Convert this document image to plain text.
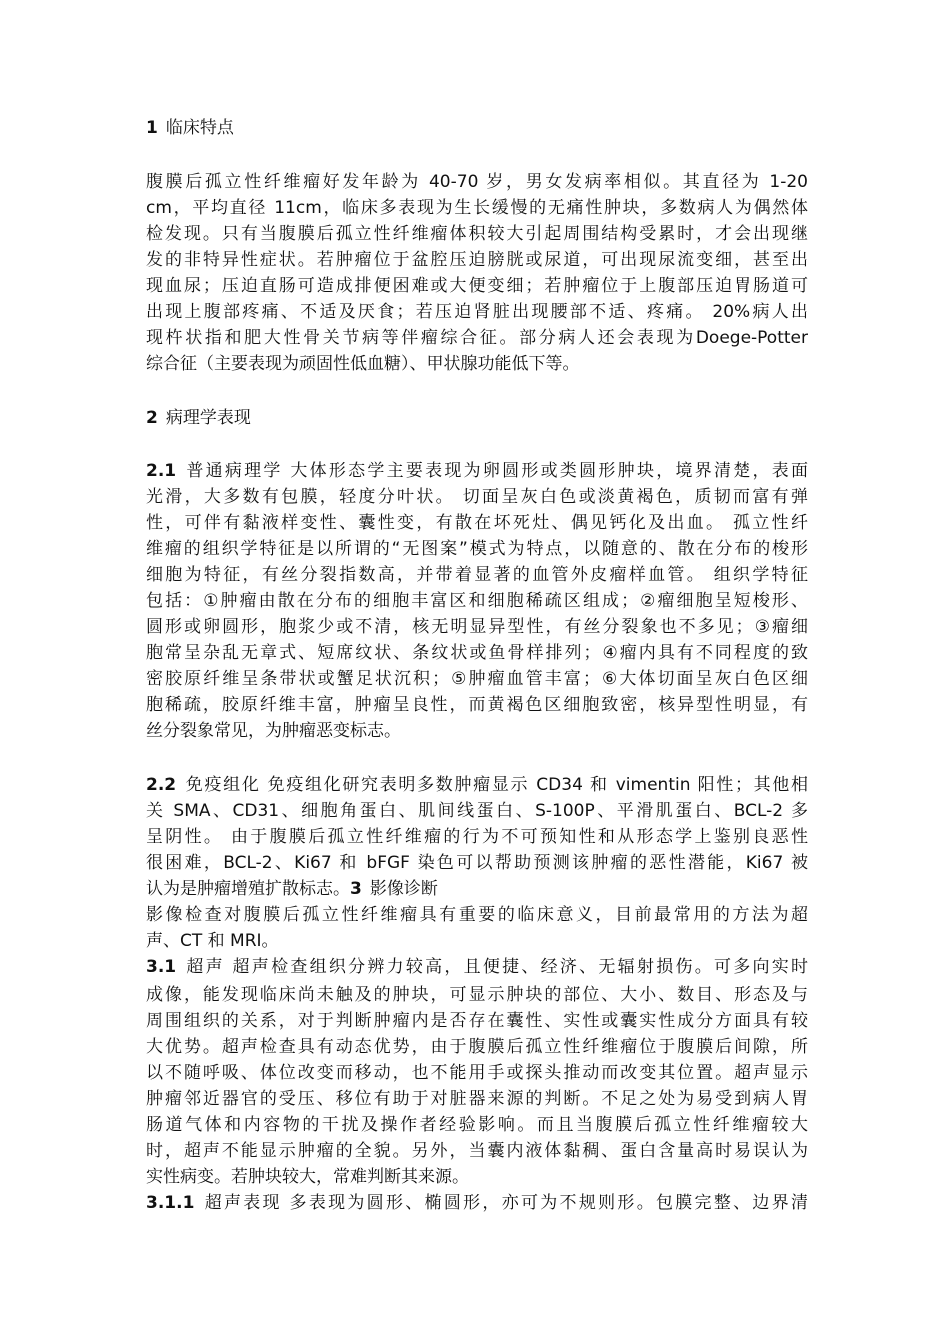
1 临床特点
腹膜后孤立性纤维瘤好发年龄为 40-70 岁，男女发病率相似。其直径为 1-20
cm，平均直径 11cm，临床多表现为生长缓慢的无痛性肿块，多数病人为偶然体
检发现。只有当腹膜后孤立性纤维瘤体积较大引起周围结构受累时，才会出现继
发的非特异性症状。若肿瘤位于盆腔压迫膀胱或尿道，可出现尿流变细，甚至出
现血尿；压迫直肠可造成排便困难或大便变细；若肿瘤位于上腹部压迫胃肠道可
出现上腹部疼痛、不适及厌食；若压迫肾脏出现腰部不适、疼痛。 20%病人出
现杵状指和肥大性骨关节病等伴瘤综合征。部分病人还会表现为Doege-Potter
综合征（主要表现为顽固性低血糖）、甲状腺功能低下等。
2 病理学表现
2.1 普通病理学 大体形态学主要表现为卵圆形或类圆形肿块，境界清楚，表面
光滑，大多数有包膜，轻度分叶状。 切面呈灰白色或淡黄褐色，质韧而富有弹
性，可伴有黏液样变性、囊性变，有散在坏死灶、偶见钙化及出血。 孤立性纤
维瘤的组织学特征是以所谓的“无图案”模式为特点，以随意的、散在分布的梭形
细胞为特征，有丝分裂指数高，并带着显著的血管外皮瘤样血管。 组织学特征
包括：①肿瘤由散在分布的细胞丰富区和细胞稀疏区组成；②瘤细胞呈短梭形、
圆形或卵圆形，胞浆少或不清，核无明显异型性，有丝分裂象也不多见；③瘤细
胞常呈杂乱无章式、短席纹状、条纹状或鱼骨样排列；④瘤内具有不同程度的致
密胶原纤维呈条带状或蟹足状沉积；⑤肿瘤血管丰富；⑥大体切面呈灰白色区细
胞稀疏，胶原纤维丰富，肿瘤呈良性，而黄褐色区细胞致密，核异型性明显，有
丝分裂象常见，为肿瘤恶变标志。
2.2 免疫组化 免疫组化研究表明多数肿瘤显示 CD34 和 vimentin 阳性；其他相
关 SMA、CD31、细胞角蛋白、肌间线蛋白、S-100P、平滑肌蛋白、BCL-2 多
呈阴性。 由于腹膜后孤立性纤维瘤的行为不可预知性和从形态学上鉴别良恶性
很困难，BCL-2、Ki67 和 bFGF 染色可以帮助预测该肿瘤的恶性潜能，Ki67 被
认为是肿瘤增殖扩散标志。3 影像诊断
影像检查对腹膜后孤立性纤维瘤具有重要的临床意义，目前最常用的方法为超
声、CT 和 MRI。
3.1 超声 超声检查组织分辨力较高，且便捷、经济、无辐射损伤。可多向实时
成像，能发现临床尚未触及的肿块，可显示肿块的部位、大小、数目、形态及与
周围组织的关系，对于判断肿瘤内是否存在囊性、实性或囊实性成分方面具有较
大优势。超声检查具有动态优势，由于腹膜后孤立性纤维瘤位于腹膜后间隙，所
以不随呼吸、体位改变而移动，也不能用手或探头推动而改变其位置。超声显示
肿瘤邻近器官的受压、移位有助于对脏器来源的判断。不足之处为易受到病人胃
肠道气体和内容物的干扰及操作者经验影响。而且当腹膜后孤立性纤维瘤较大
时，超声不能显示肿瘤的全貌。另外，当囊内液体黏稠、蛋白含量高时易误认为
实性病变。若肿块较大，常难判断其来源。
3.1.1 超声表现 多表现为圆形、椭圆形，亦可为不规则形。包膜完整、边界清
